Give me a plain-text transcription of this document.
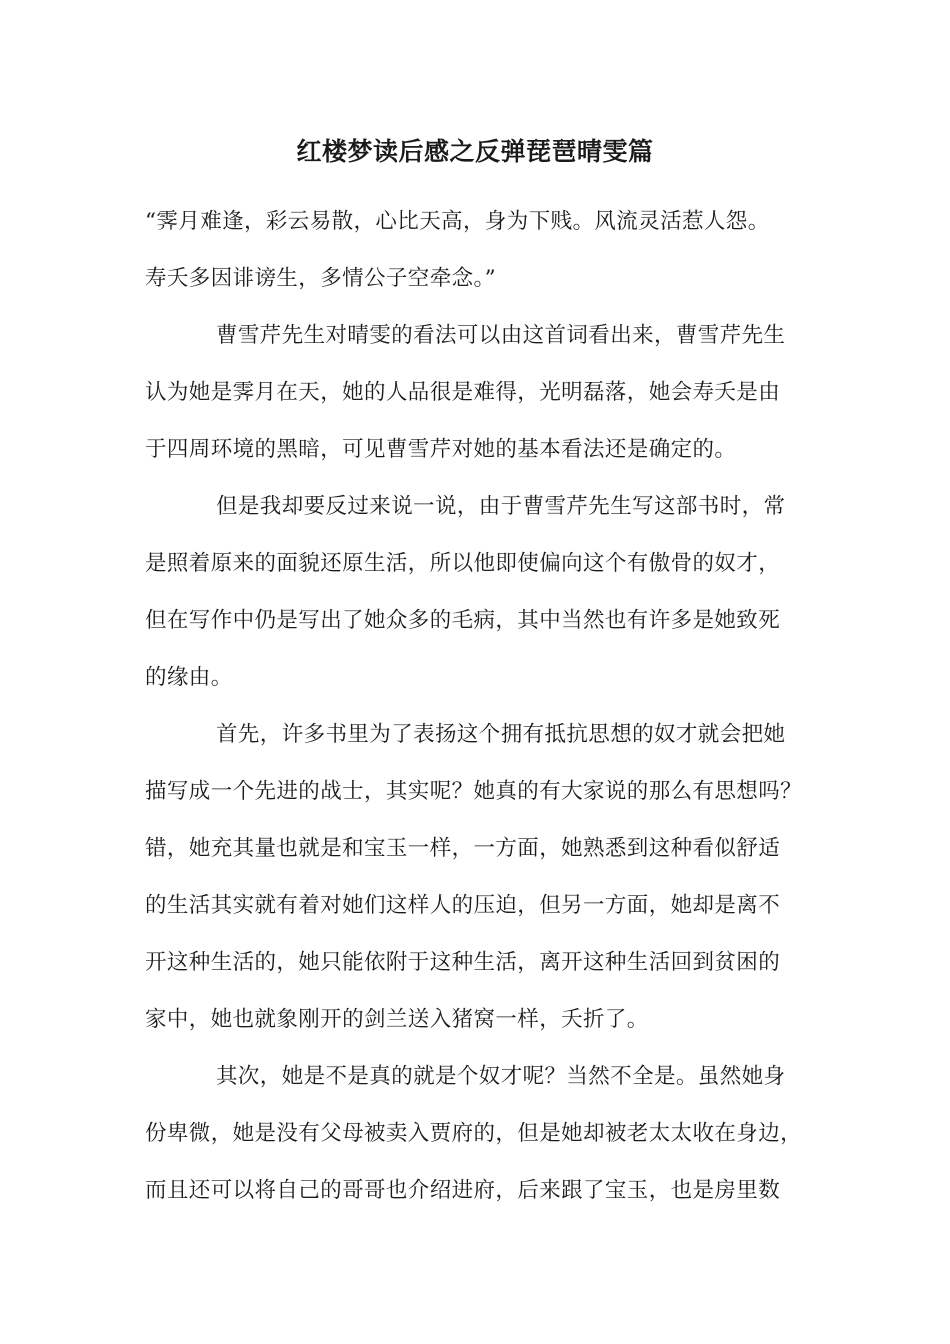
红楼梦读后感之反弹琵琶晴雯篇
“霁月难逢，彩云易散，心比天高，身为下贱。风流灵活惹人怨。
寿夭多因诽谤生，多情公子空牵念。”
曹雪芹先生对晴雯的看法可以由这首词看出来，曹雪芹先生
认为她是霁月在天，她的人品很是难得，光明磊落，她会寿夭是由
于四周环境的黑暗，可见曹雪芹对她的基本看法还是确定的。
但是我却要反过来说一说，由于曹雪芹先生写这部书时，常
是照着原来的面貌还原生活，所以他即使偏向这个有傲骨的奴才，
但在写作中仍是写出了她众多的毛病，其中当然也有许多是她致死
的缘由。
首先，许多书里为了表扬这个拥有抵抗思想的奴才就会把她
描写成一个先进的战士，其实呢？她真的有大家说的那么有思想吗？
错，她充其量也就是和宝玉一样，一方面，她熟悉到这种看似舒适
的生活其实就有着对她们这样人的压迫，但另一方面，她却是离不
开这种生活的，她只能依附于这种生活，离开这种生活回到贫困的
家中，她也就象刚开的剑兰送入猪窝一样，夭折了。
其次，她是不是真的就是个奴才呢？当然不全是。虽然她身
份卑微，她是没有父母被卖入贾府的，但是她却被老太太收在身边，
而且还可以将自己的哥哥也介绍进府，后来跟了宝玉，也是房里数
